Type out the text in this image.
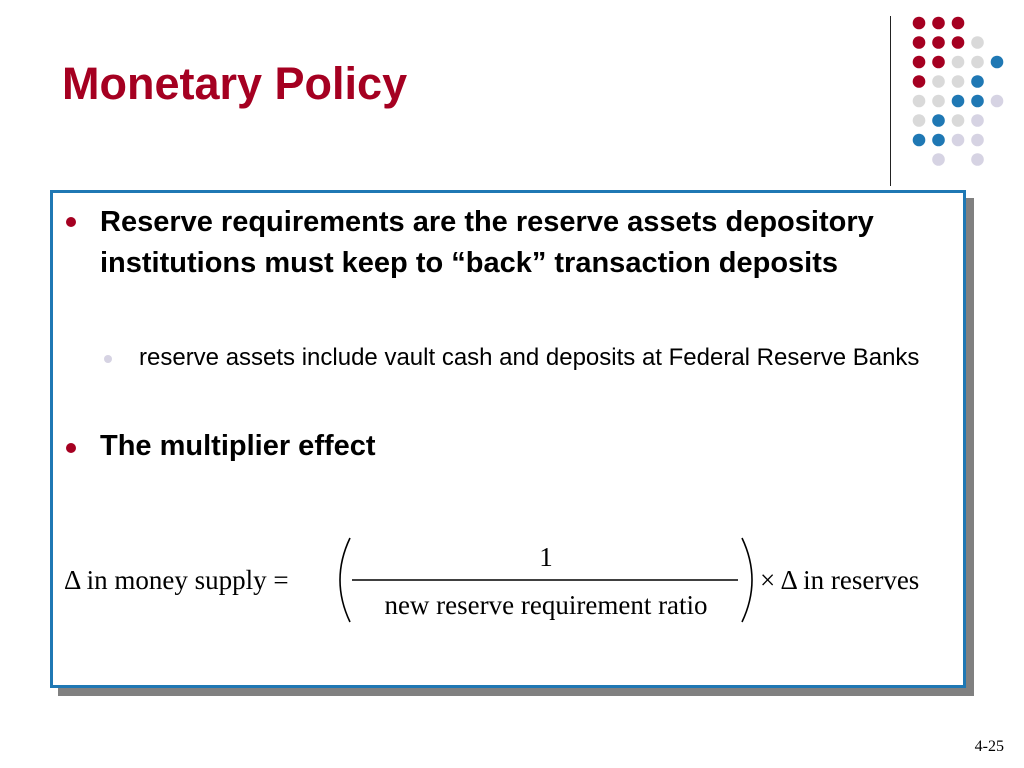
Monetary Policy
Reserve requirements are the reserve assets depository institutions must keep to “back” transaction deposits
reserve assets include vault cash and deposits at Federal Reserve Banks
The multiplier effect
Δ in money supply =
1
new reserve requirement ratio
× Δ in reserves
4-25
